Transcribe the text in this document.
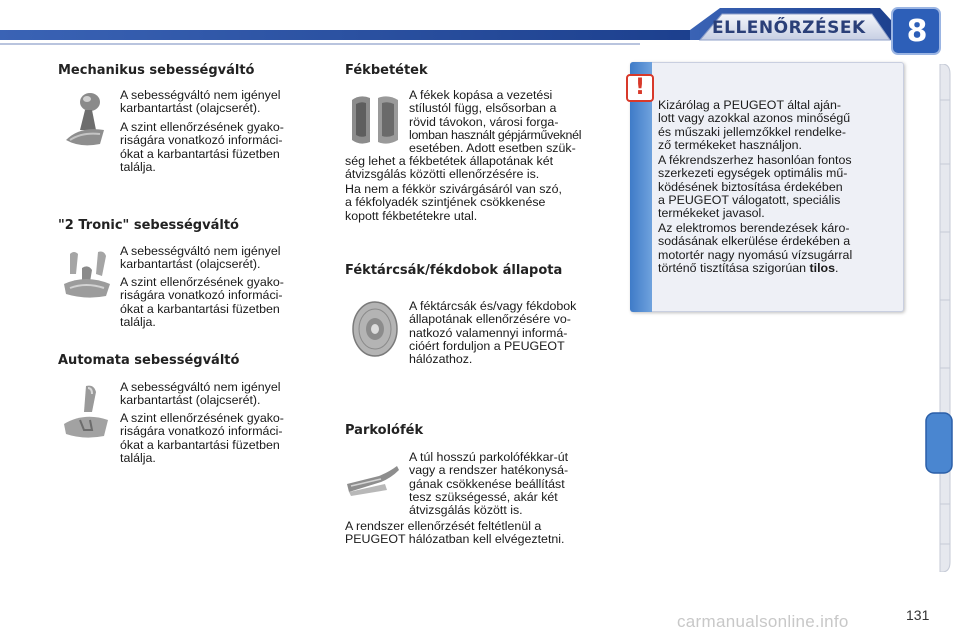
ELLENŐRZÉSEK	8
Mechanikus sebességváltó
A sebességváltó nem igényel
karbantartást (olajcserét).
A szint ellenőrzésének gyako-
riságára vonatkozó informáci-
ókat a karbantartási füzetben
találja.
"2 Tronic" sebességváltó
A sebességváltó nem igényel
karbantartást (olajcserét).
A szint ellenőrzésének gyako-
riságára vonatkozó informáci-
ókat a karbantartási füzetben
találja.
Automata sebességváltó
A sebességváltó nem igényel
karbantartást (olajcserét).
A szint ellenőrzésének gyako-
riságára vonatkozó informáci-
ókat a karbantartási füzetben
találja.
Fékbetétek
A fékek kopása a vezetési
stílustól függ, elsősorban a
rövid távokon, városi forga-
lomban használt gépjárműveknél
esetében. Adott esetben szük-
ség lehet a fékbetétek állapotának két
átvizsgálás közötti ellenőrzésére is.
Ha nem a fékkör szivárgásáról van szó,
a fékfolyadék szintjének csökkenése
kopott fékbetétekre utal.
Féktárcsák/fékdobok állapota
A féktárcsák és/vagy fékdobok
állapotának ellenőrzésére vo-
natkozó valamennyi informá-
cióért forduljon a PEUGEOT
hálózathoz.
Parkolófék
A túl hosszú parkolófékkar-út
vagy a rendszer hatékonysá-
gának csökkenése beállítást
tesz szükségessé, akár két
átvizsgálás között is.
A rendszer ellenőrzését feltétlenül a
PEUGEOT hálózatban kell elvégeztetni.
!
Kizárólag a PEUGEOT által aján-
lott vagy azokkal azonos minőségű
és műszaki jellemzőkkel rendelke-
ző termékeket használjon.
A fékrendszerhez hasonlóan fontos
szerkezeti egységek optimális mű-
ködésének biztosítása érdekében
a PEUGEOT válogatott, speciális
termékeket javasol.
Az elektromos berendezések káro-
sodásának elkerülése érdekében a
motortér nagy nyomású vízsugárral
történő tisztítása szigorúan tilos.
131
carmanualsonline.info
